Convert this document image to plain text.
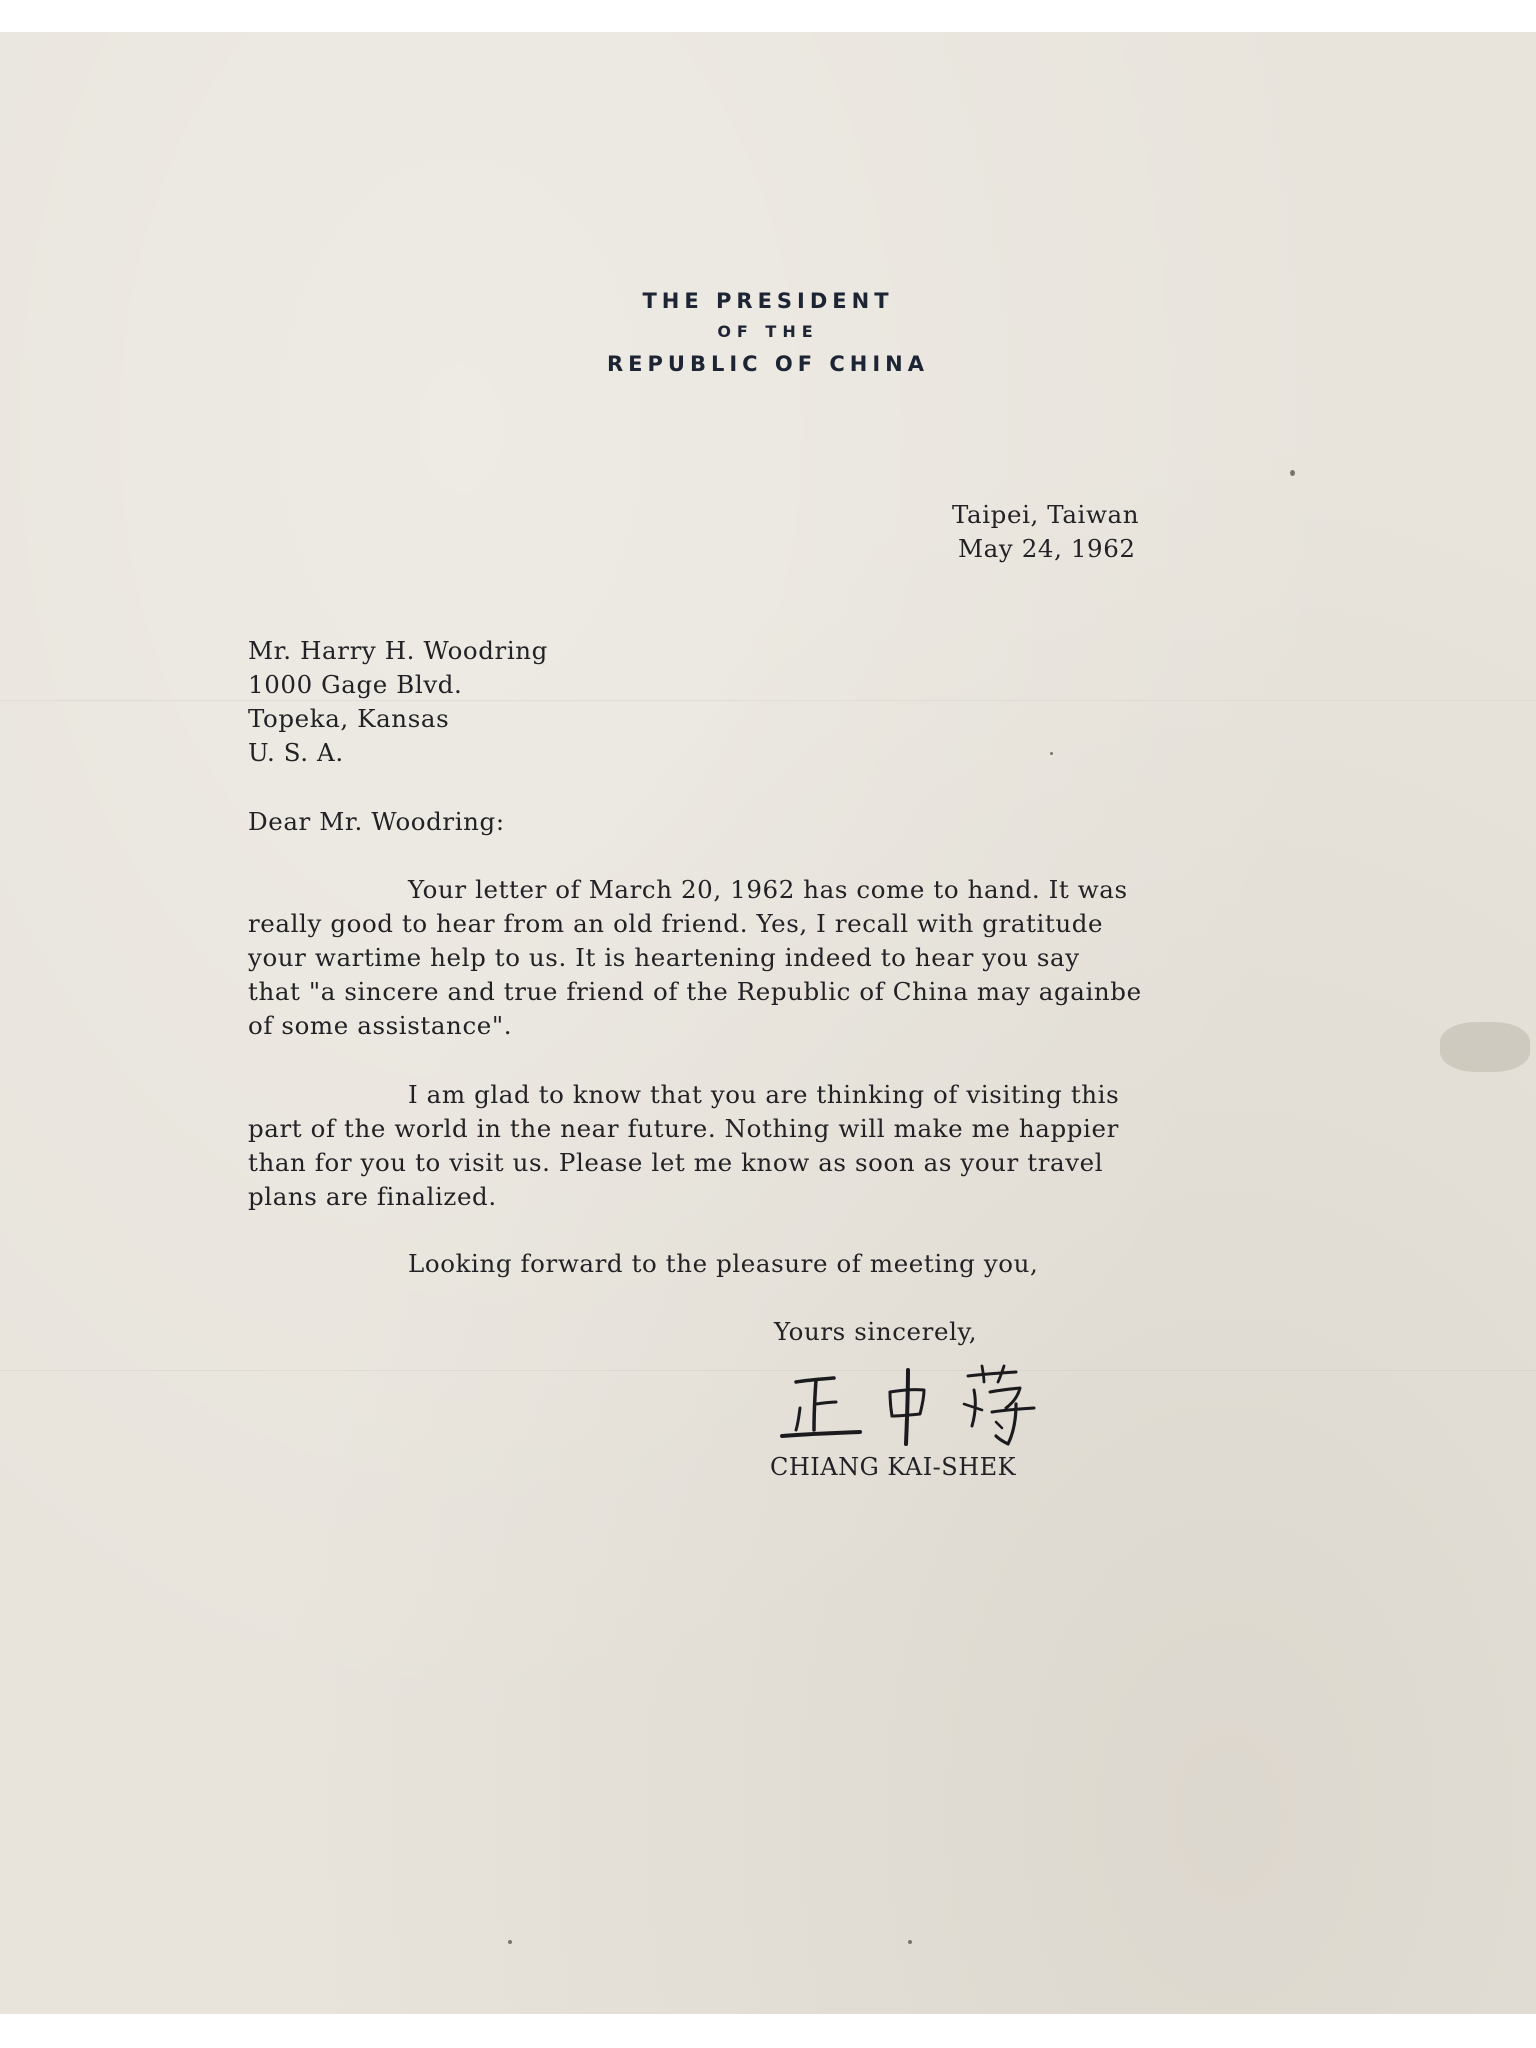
THE PRESIDENT
OF THE
REPUBLIC OF CHINA
Taipei, Taiwan
May 24, 1962
Mr. Harry H. Woodring
1000 Gage Blvd.
Topeka, Kansas
U. S. A.
Dear Mr. Woodring:
Your letter of March 20, 1962 has come to hand. It was
really good to hear from an old friend. Yes, I recall with gratitude
your wartime help to us. It is heartening indeed to hear you say
that "a sincere and true friend of the Republic of China may againbe
of some assistance".
I am glad to know that you are thinking of visiting this
part of the world in the near future. Nothing will make me happier
than for you to visit us. Please let me know as soon as your travel
plans are finalized.
Looking forward to the pleasure of meeting you,
Yours sincerely,
CHIANG KAI-SHEK
